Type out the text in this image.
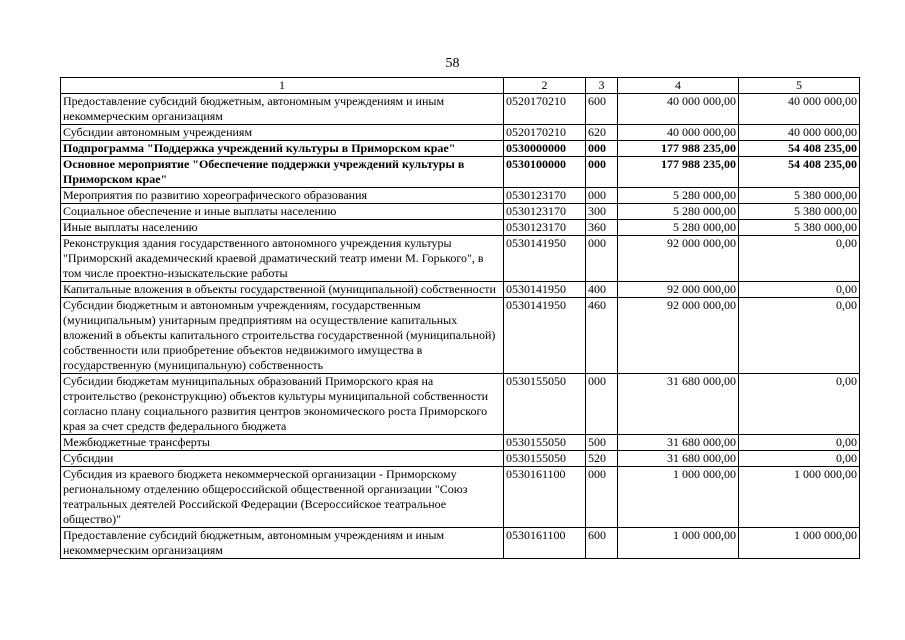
58
1	2	3	4	5
Предоставление субсидий бюджетным, автономным учреждениям и иным некоммерческим организациям	0520170210	600	40 000 000,00	40 000 000,00
Субсидии автономным учреждениям	0520170210	620	40 000 000,00	40 000 000,00
Подпрограмма "Поддержка учреждений культуры в Приморском крае"	0530000000	000	177 988 235,00	54 408 235,00
Основное мероприятие "Обеспечение поддержки учреждений культуры в Приморском крае"	0530100000	000	177 988 235,00	54 408 235,00
Мероприятия по развитию хореографического образования	0530123170	000	5 280 000,00	5 380 000,00
Социальное обеспечение и иные выплаты населению	0530123170	300	5 280 000,00	5 380 000,00
Иные выплаты населению	0530123170	360	5 280 000,00	5 380 000,00
Реконструкция здания государственного автономного учреждения культуры "Приморский академический краевой драматический театр имени М. Горького", в том числе проектно-изыскательские работы	0530141950	000	92 000 000,00	0,00
Капитальные вложения в объекты государственной (муниципальной) собственности	0530141950	400	92 000 000,00	0,00
Субсидии бюджетным и автономным учреждениям, государственным (муниципальным) унитарным предприятиям на осуществление капитальных вложений в объекты капитального строительства государственной (муниципальной) собственности или приобретение объектов недвижимого имущества в государственную (муниципальную) собственность	0530141950	460	92 000 000,00	0,00
Субсидии бюджетам муниципальных образований Приморского края на строительство (реконструкцию) объектов культуры муниципальной собственности согласно плану социального развития центров экономического роста Приморского края за счет средств федерального бюджета	0530155050	000	31 680 000,00	0,00
Межбюджетные трансферты	0530155050	500	31 680 000,00	0,00
Субсидии	0530155050	520	31 680 000,00	0,00
Субсидия из краевого бюджета некоммерческой организации - Приморскому региональному отделению общероссийской общественной организации "Союз театральных деятелей Российской Федерации (Всероссийское театральное общество)"	0530161100	000	1 000 000,00	1 000 000,00
Предоставление субсидий бюджетным, автономным учреждениям и иным некоммерческим организациям	0530161100	600	1 000 000,00	1 000 000,00
